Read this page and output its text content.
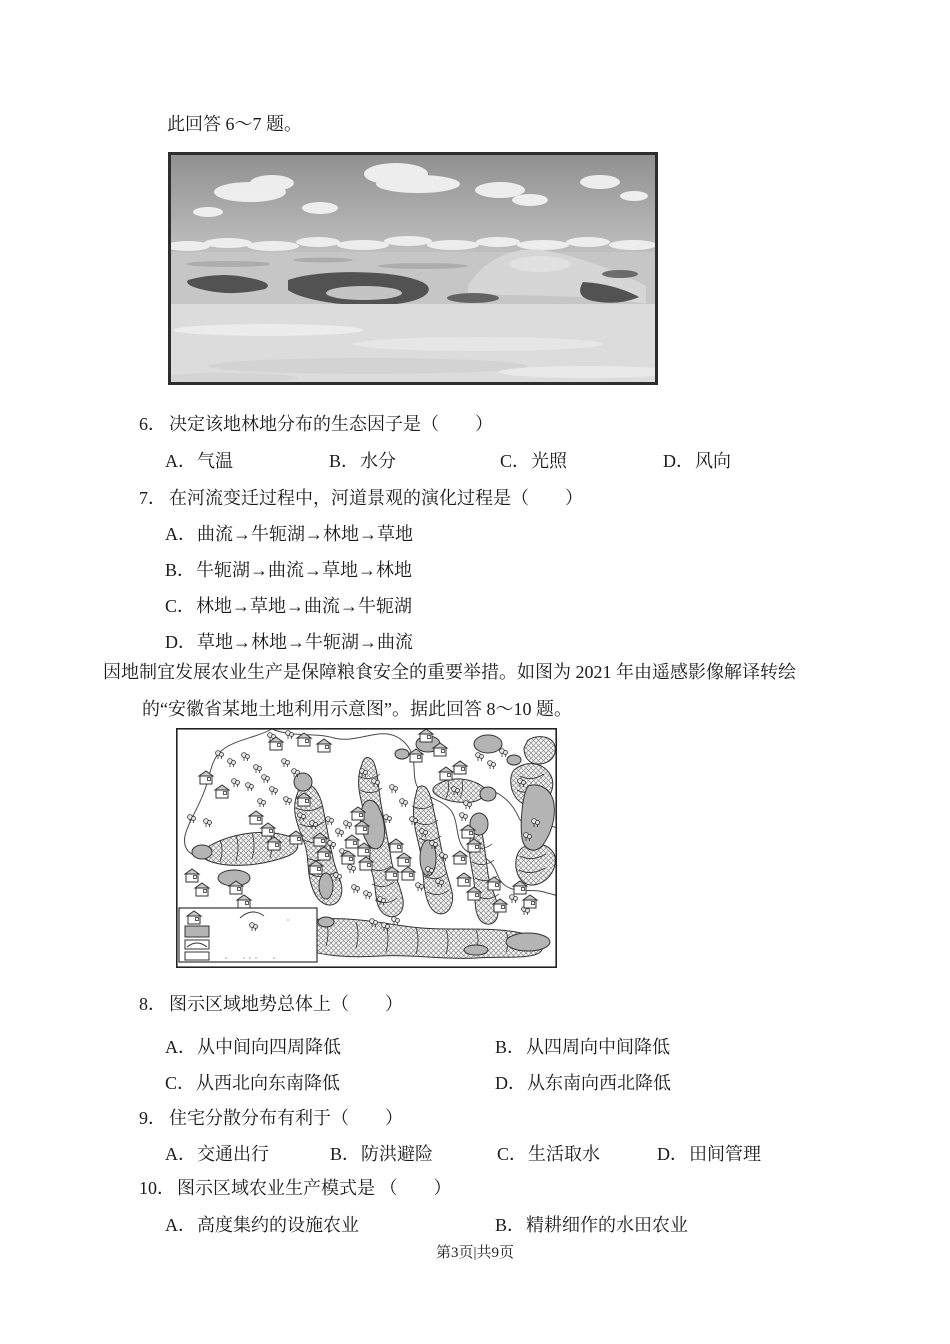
此回答 6～7 题。
6． 决定该地林地分布的生态因子是（　　）
A．气温	B．水分	C．光照	D．风向
7． 在河流变迁过程中，河道景观的演化过程是（　　）
A．曲流→牛轭湖→林地→草地
B．牛轭湖→曲流→草地→林地
C．林地→草地→曲流→牛轭湖
D．草地→林地→牛轭湖→曲流
因地制宜发展农业生产是保障粮食安全的重要举措。如图为 2021 年由遥感影像解译转绘
的“安徽省某地土地利用示意图”。据此回答 8～10 题。
8． 图示区域地势总体上（　　）
A．从中间向四周降低	B．从四周向中间降低
C．从西北向东南降低	D．从东南向西北降低
9． 住宅分散分布有利于（　　）
A．交通出行	B．防洪避险	C．生活取水	D．田间管理
10． 图示区域农业生产模式是 （　　）
A．高度集约的设施农业	B．精耕细作的水田农业
第3页|共9页
